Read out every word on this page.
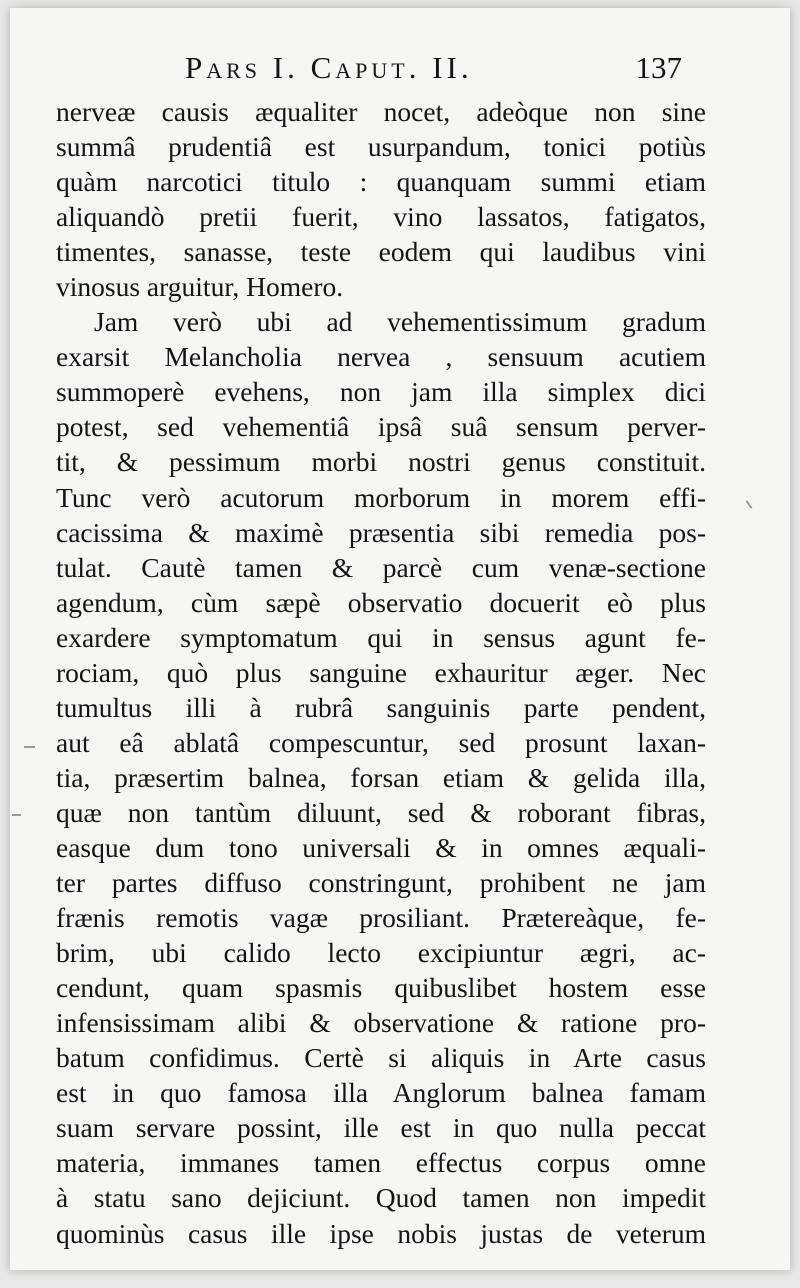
Pars I. Caput. II.	137
nerveæ causis æqualiter nocet, adeòque non sine
summâ prudentiâ est usurpandum, tonici potiùs
quàm narcotici titulo : quanquam summi etiam
aliquandò pretii fuerit, vino lassatos, fatigatos,
timentes, sanasse, teste eodem qui laudibus vini
vinosus arguitur, Homero.
Jam verò ubi ad vehementissimum gradum
exarsit Melancholia nervea , sensuum acutiem
summoperè evehens, non jam illa simplex dici
potest, sed vehementiâ ipsâ suâ sensum perver-
tit, & pessimum morbi nostri genus constituit.
Tunc verò acutorum morborum in morem effi-
cacissima & maximè præsentia sibi remedia pos-
tulat. Cautè tamen & parcè cum venæ-sectione
agendum, cùm sæpè observatio docuerit eò plus
exardere symptomatum qui in sensus agunt fe-
rociam, quò plus sanguine exhauritur æger. Nec
tumultus illi à rubrâ sanguinis parte pendent,
aut eâ ablatâ compescuntur, sed prosunt laxan-
tia, præsertim balnea, forsan etiam & gelida illa,
quæ non tantùm diluunt, sed & roborant fibras,
easque dum tono universali & in omnes æquali-
ter partes diffuso constringunt, prohibent ne jam
frænis remotis vagæ prosiliant. Prætereàque, fe-
brim, ubi calido lecto excipiuntur ægri, ac-
cendunt, quam spasmis quibuslibet hostem esse
infensissimam alibi & observatione & ratione pro-
batum confidimus. Certè si aliquis in Arte casus
est in quo famosa illa Anglorum balnea famam
suam servare possint, ille est in quo nulla peccat
materia, immanes tamen effectus corpus omne
à statu sano dejiciunt. Quod tamen non impedit
quominùs casus ille ipse nobis justas de veterum
